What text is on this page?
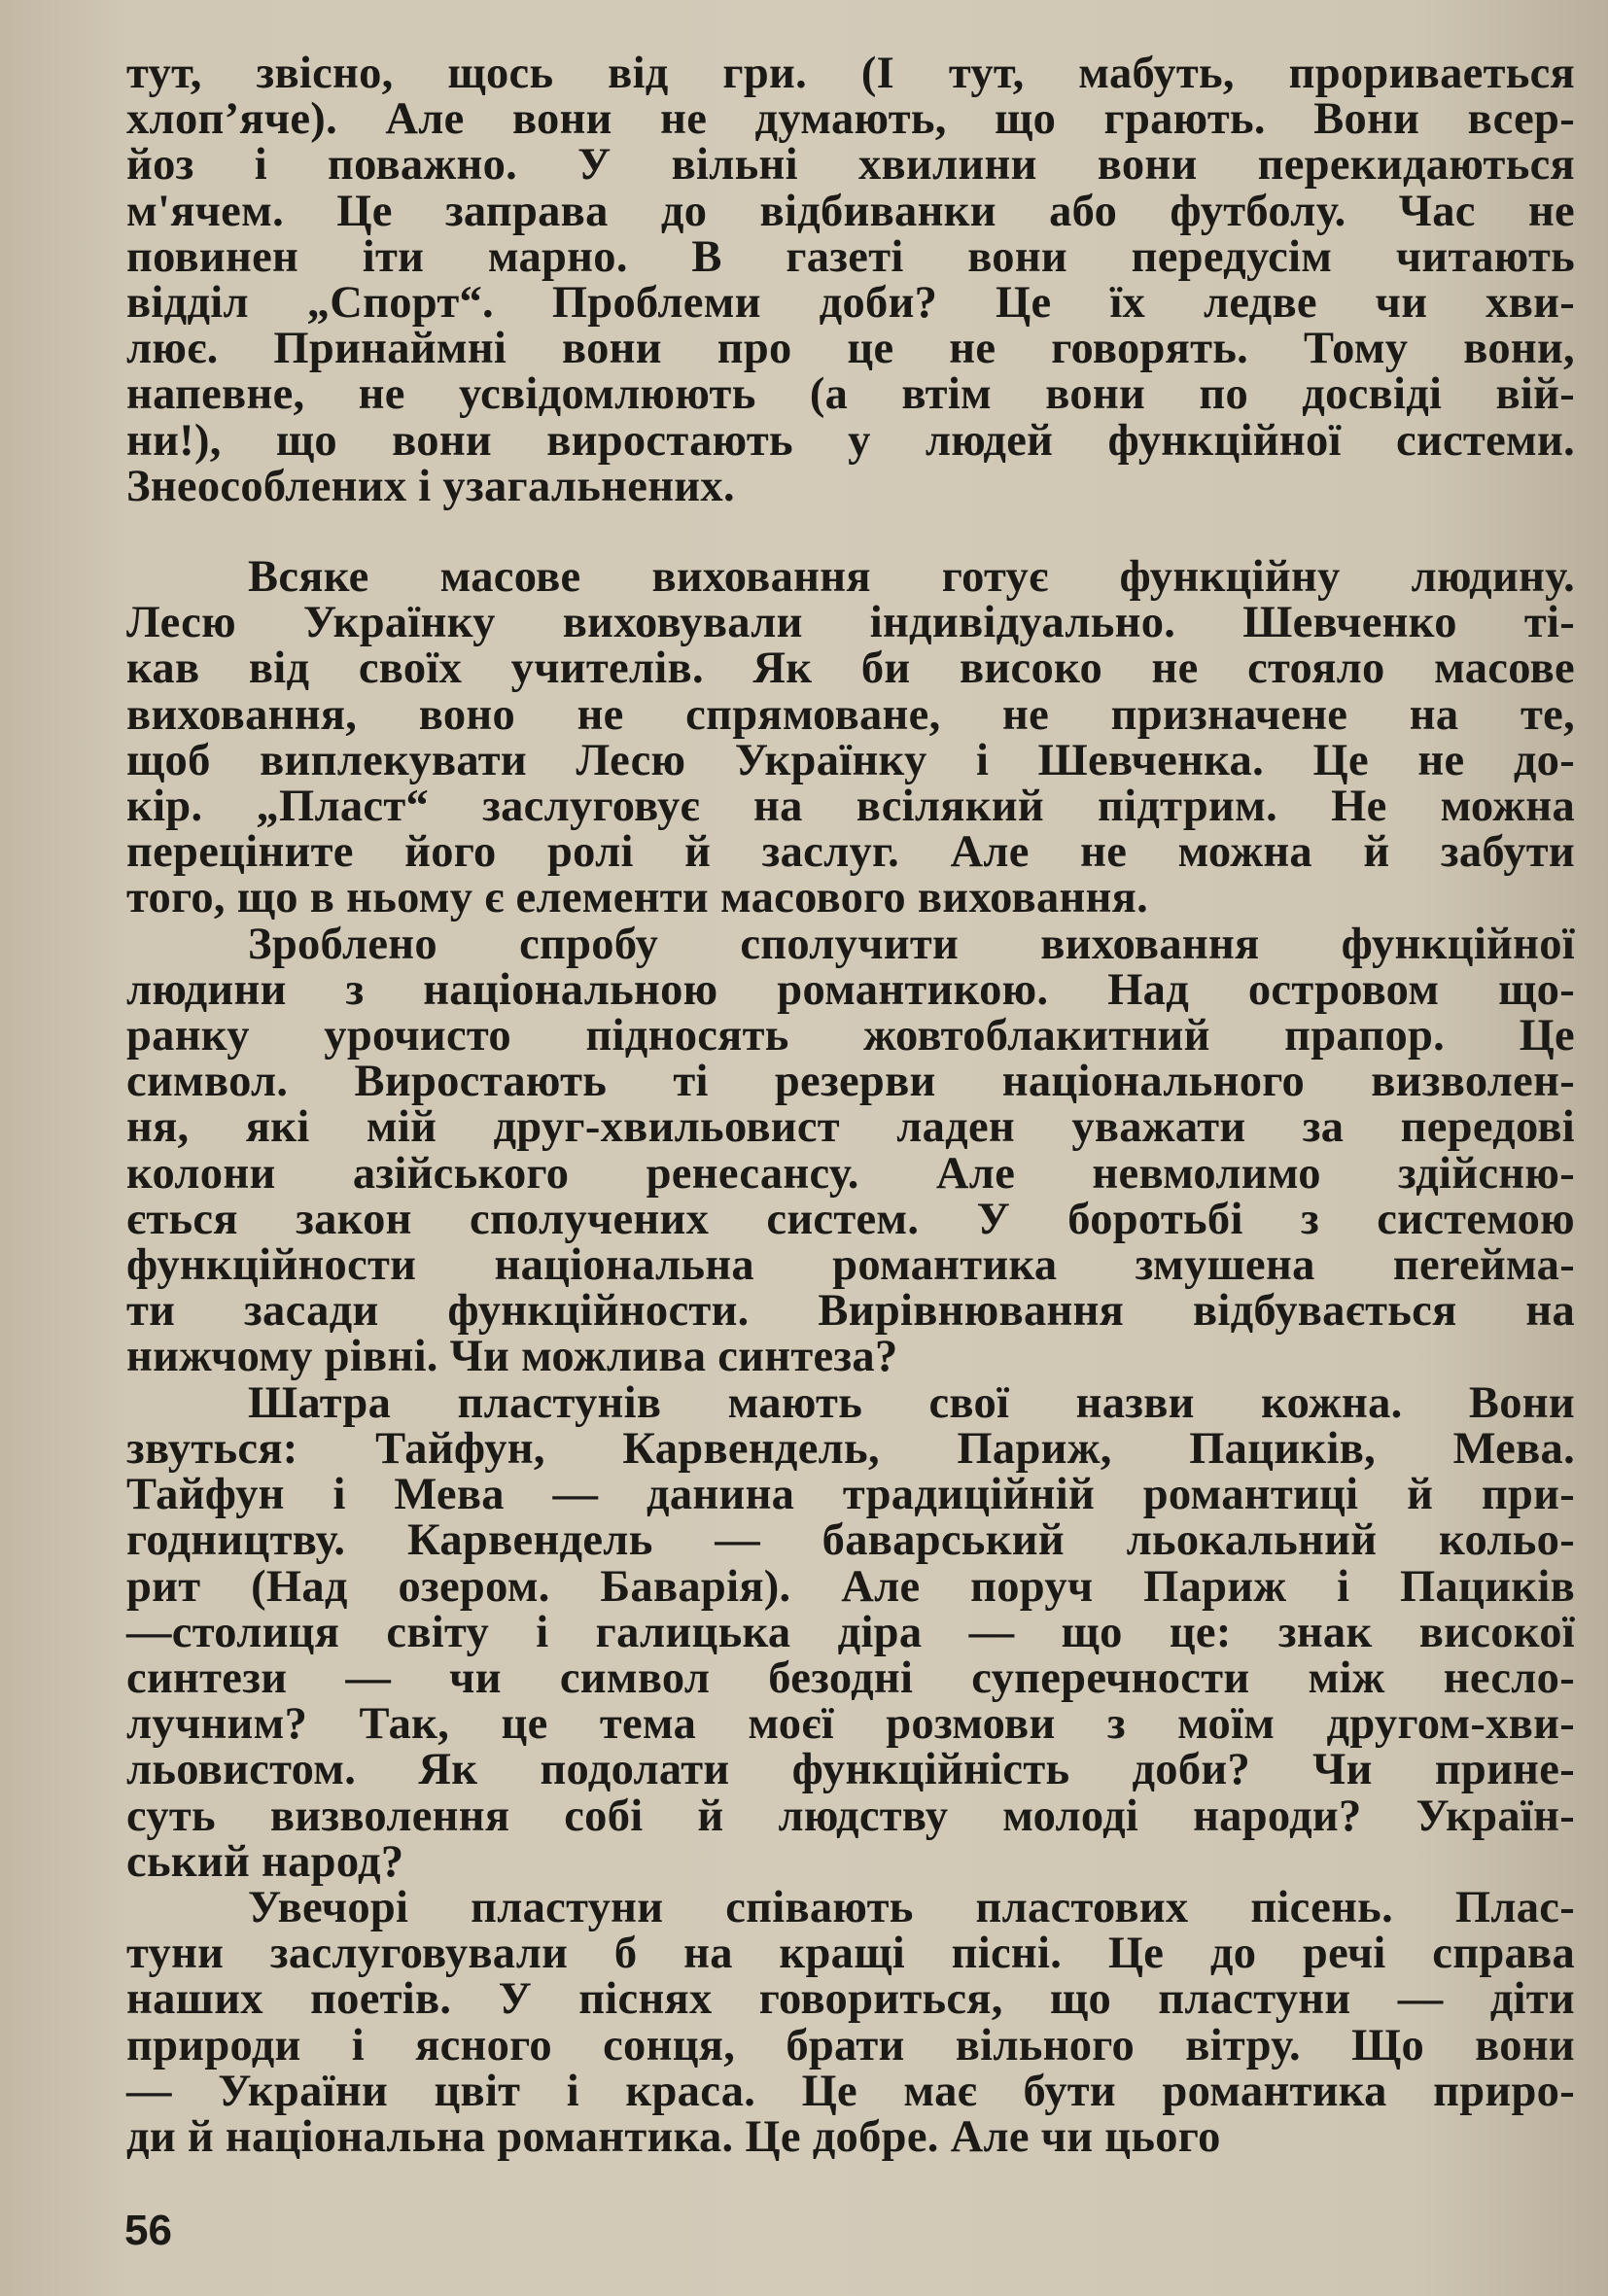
тут, звісно, щось від гри. (І тут, мабуть, прориваеться
хлоп’яче). Але вони не думають, що грають. Вони всер-
йоз і поважно. У вільні хвилини вони перекидаються
м'ячем. Це заправа до відбиванки або футболу. Час не
повинен іти марно. В газеті вони передусім читають
відділ „Спорт“. Проблеми доби? Це їх ледве чи хви-
лює. Принаймні вони про це не говорять. Тому вони,
напевне, не усвідомлюють (а втім вони по досвіді вій-
ни!), що вони виростають у людей функційної системи.
Знеособлених і узагальнених.
Всяке масове виховання готує функційну людину.
Лесю Українку виховували індивідуально. Шевченко ті-
кав від своїх учителів. Як би високо не стояло масове
виховання, воно не спрямоване, не призначене на те,
щоб виплекувати Лесю Українку і Шевченка. Це не до-
кір. „Пласт“ заслуговує на всілякий підтрим. Не можна
переціните його ролі й заслуг. Але не можна й забути
того, що в ньому є елементи масового виховання.
Зроблено спробу сполучити виховання функційної
людини з національною романтикою. Над островом що-
ранку урочисто підносять жовтоблакитний прапор. Це
символ. Виростають ті резерви національного визволен-
ня, які мій друг-хвильовист ладен уважати за передові
колони азійського ренесансу. Але невмолимо здійсню-
ється закон сполучених систем. У боротьбі з системою
функційности національна романтика змушена пereйма-
ти засади функційности. Вирівнювання відбувається на
нижчому рівні. Чи можлива синтеза?
Шатра пластунів мають свої назви кожна. Вони
звуться: Тайфун, Карвендель, Париж, Пациків, Мева.
Тайфун і Мева — данина традиційній романтиці й при-
годництву. Карвендель — баварський льокальний кольо-
рит (Над озером. Баварія). Але поруч Париж і Пациків
—столиця світу і галицька діра — що це: знак високої
синтези — чи символ безодні суперечности між несло-
лучним? Так, це тема моєї розмови з моїм другом-хви-
льовистом. Як подолати функційність доби? Чи прине-
суть визволення собі й людству молоді народи? Україн-
ський народ?
Увечорі пластуни співають пластових пісень. Плас-
туни заслуговували б на кращі пісні. Це до речі справа
наших поетів. У піснях говориться, що пластуни — діти
природи і ясного сонця, брати вільного вітру. Що вони
— України цвіт і краса. Це має бути романтика приро-
ди й національна романтика. Це добре. Але чи цього
56
